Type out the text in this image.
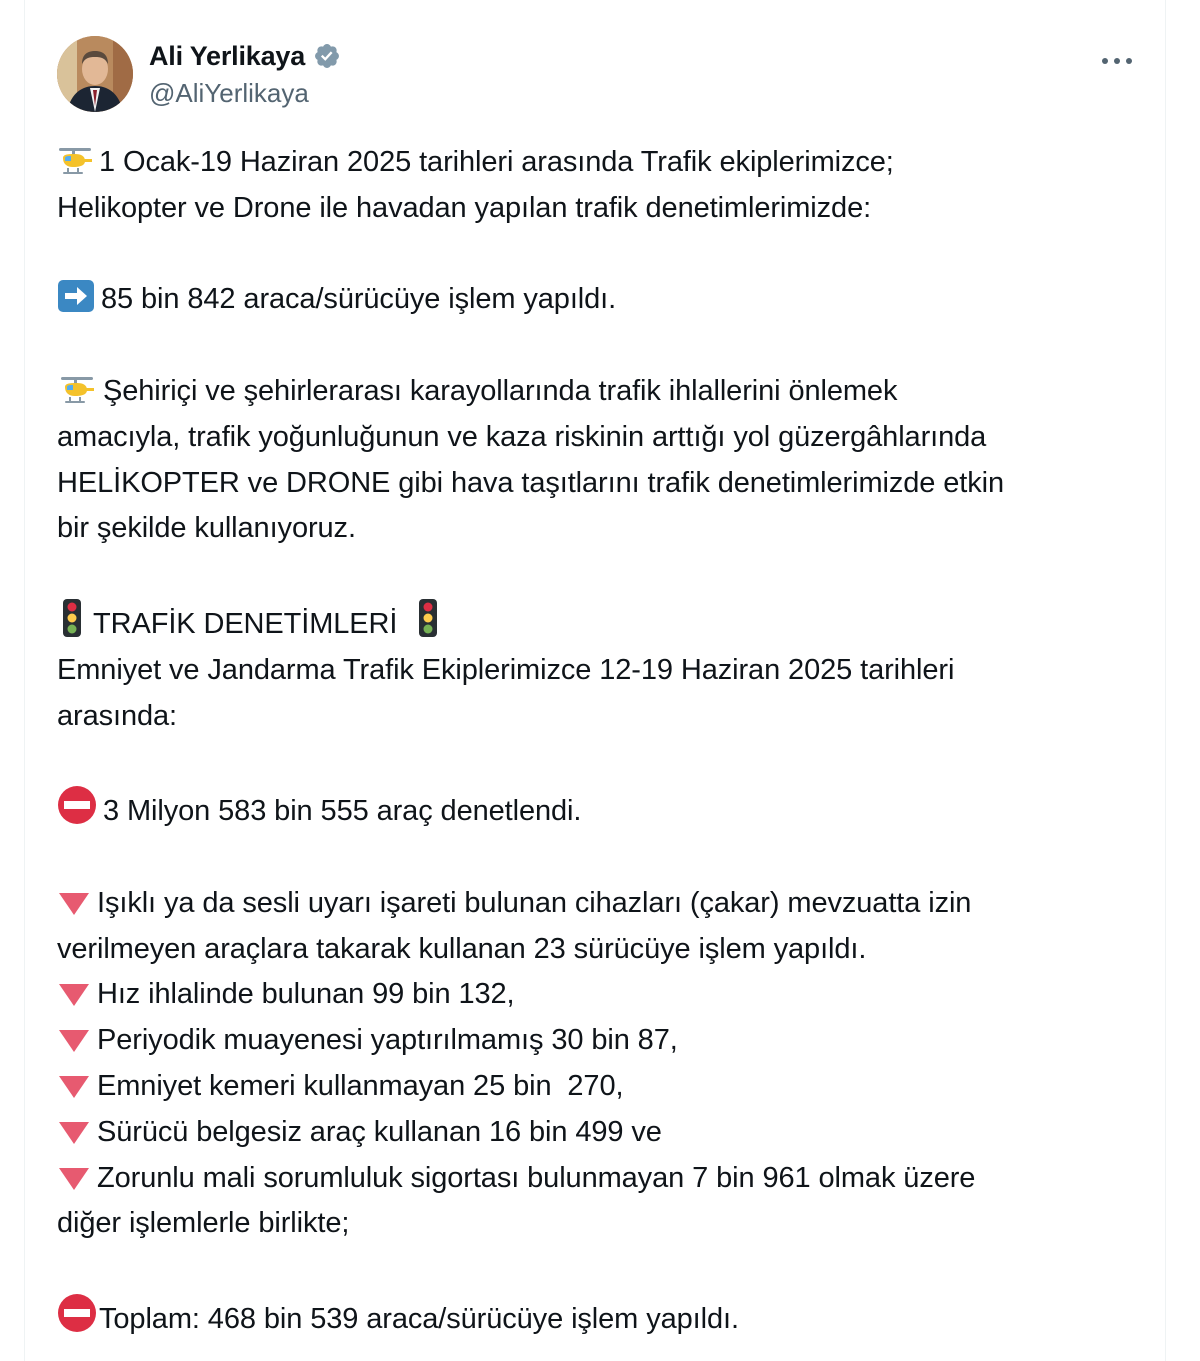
Ali Yerlikaya
@AliYerlikaya
1 Ocak-19 Haziran 2025 tarihleri arasında Trafik ekiplerimizce;
Helikopter ve Drone ile havadan yapılan trafik denetimlerimizde:
85 bin 842 araca/sürücüye işlem yapıldı.
Şehiriçi ve şehirlerarası karayollarında trafik ihlallerini önlemek
amacıyla, trafik yoğunluğunun ve kaza riskinin arttığı yol güzergâhlarında
HELİKOPTER ve DRONE gibi hava taşıtlarını trafik denetimlerimizde etkin
bir şekilde kullanıyoruz.
TRAFİK DENETİMLERİ
Emniyet ve Jandarma Trafik Ekiplerimizce 12-19 Haziran 2025 tarihleri
arasında:
3 Milyon 583 bin 555 araç denetlendi.
Işıklı ya da sesli uyarı işareti bulunan cihazları (çakar) mevzuatta izin
verilmeyen araçlara takarak kullanan 23 sürücüye işlem yapıldı.
Hız ihlalinde bulunan 99 bin 132,
Periyodik muayenesi yaptırılmamış 30 bin 87,
Emniyet kemeri kullanmayan 25 bin  270,
Sürücü belgesiz araç kullanan 16 bin 499 ve
Zorunlu mali sorumluluk sigortası bulunmayan 7 bin 961 olmak üzere
diğer işlemlerle birlikte;
Toplam: 468 bin 539 araca/sürücüye işlem yapıldı.
